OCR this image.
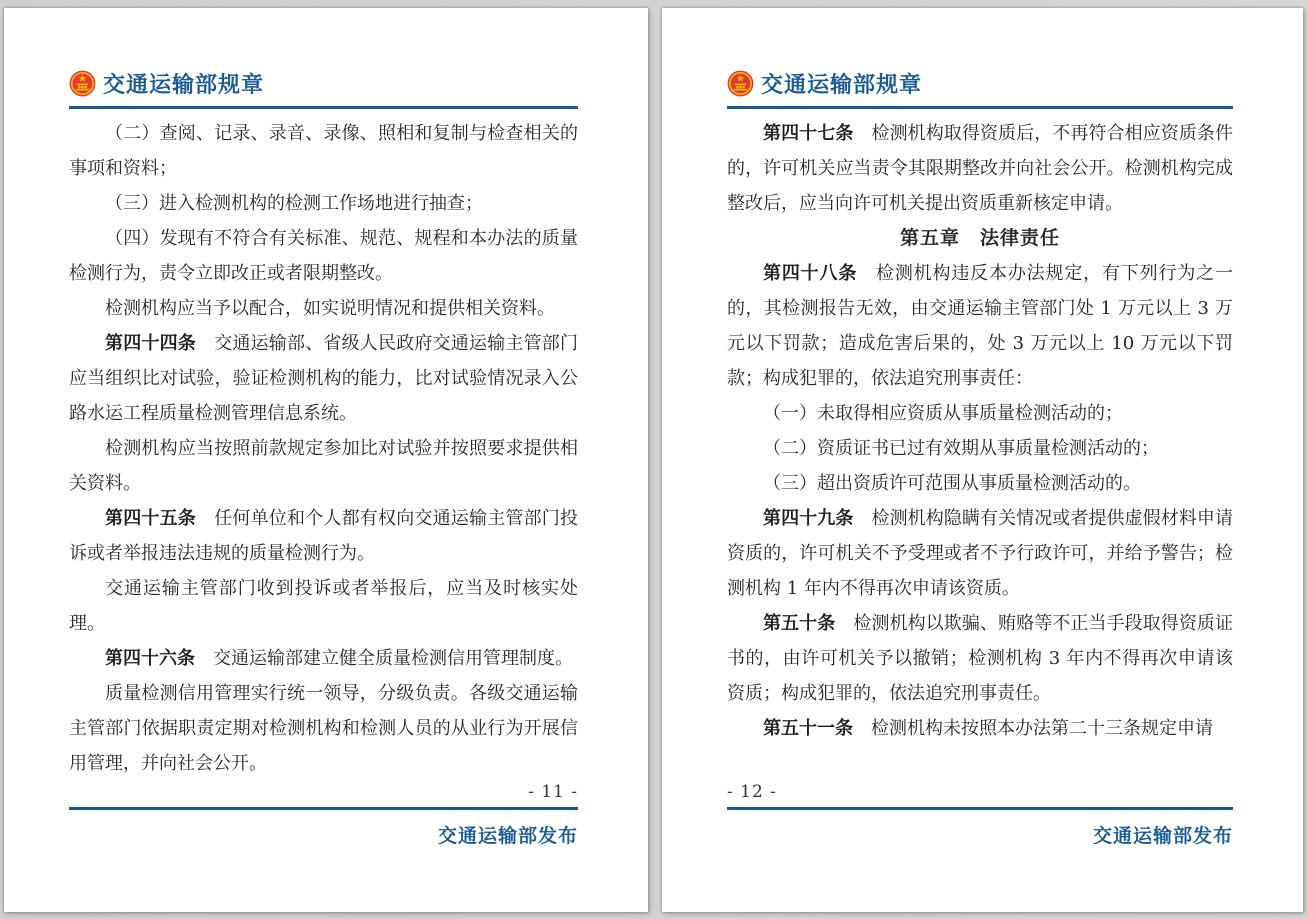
交通运输部规章

（二）查阅、记录、录音、录像、照相和复制与检查相关的事项和资料；

（三）进入检测机构的检测工作场地进行抽查；

（四）发现有不符合有关标准、规范、规程和本办法的质量检测行为，责令立即改正或者限期整改。

检测机构应当予以配合，如实说明情况和提供相关资料。

第四十四条　交通运输部、省级人民政府交通运输主管部门应当组织比对试验，验证检测机构的能力，比对试验情况录入公路水运工程质量检测管理信息系统。

检测机构应当按照前款规定参加比对试验并按照要求提供相关资料。

第四十五条　任何单位和个人都有权向交通运输主管部门投诉或者举报违法违规的质量检测行为。

交通运输主管部门收到投诉或者举报后，应当及时核实处理。

第四十六条　交通运输部建立健全质量检测信用管理制度。

质量检测信用管理实行统一领导，分级负责。各级交通运输主管部门依据职责定期对检测机构和检测人员的从业行为开展信用管理，并向社会公开。

- 11 -
交通运输部发布
交通运输部规章

第四十七条　检测机构取得资质后，不再符合相应资质条件的，许可机关应当责令其限期整改并向社会公开。检测机构完成整改后，应当向许可机关提出资质重新核定申请。

第五章　法律责任

第四十八条　检测机构违反本办法规定，有下列行为之一的，其检测报告无效，由交通运输主管部门处 1 万元以上 3 万元以下罚款；造成危害后果的，处 3 万元以上 10 万元以下罚款；构成犯罪的，依法追究刑事责任：

（一）未取得相应资质从事质量检测活动的；

（二）资质证书已过有效期从事质量检测活动的；

（三）超出资质许可范围从事质量检测活动的。

第四十九条　检测机构隐瞒有关情况或者提供虚假材料申请资质的，许可机关不予受理或者不予行政许可，并给予警告；检测机构 1 年内不得再次申请该资质。

第五十条　检测机构以欺骗、贿赂等不正当手段取得资质证书的，由许可机关予以撤销；检测机构 3 年内不得再次申请该资质；构成犯罪的，依法追究刑事责任。

第五十一条　检测机构未按照本办法第二十三条规定申请

- 12 -
交通运输部发布
